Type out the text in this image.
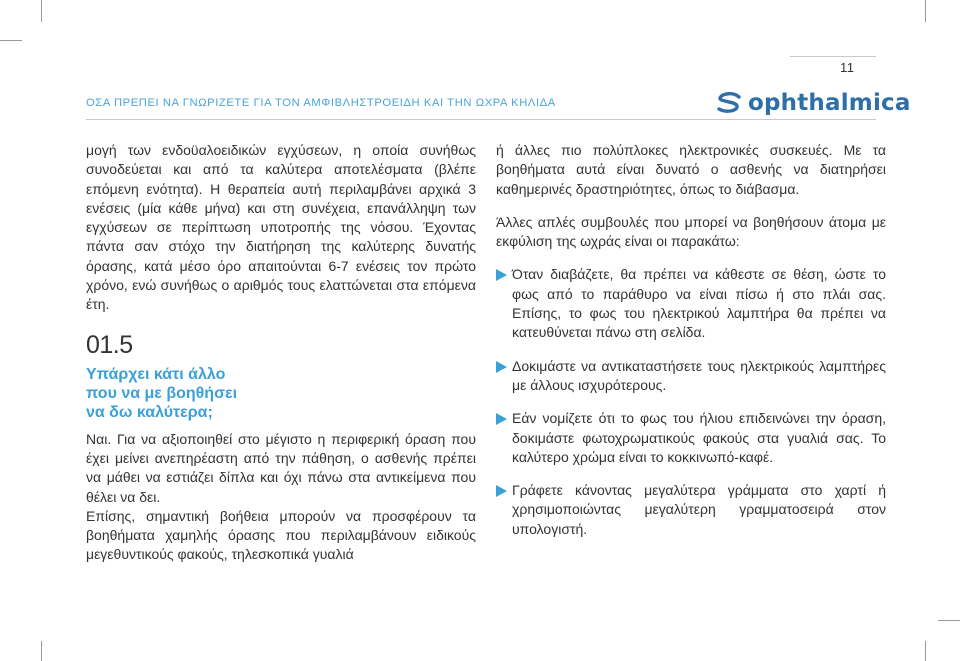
11
ΟΣΑ ΠΡΕΠΕΙ ΝΑ ΓΝΩΡΙΖΕΤΕ ΓΙΑ ΤΟΝ ΑΜΦΙΒΛΗΣΤΡΟΕΙΔΗ ΚΑΙ ΤΗΝ ΩΧΡΑ ΚΗΛΙΔΑ	ophthalmica

μογή των ενδοϋαλοειδικών εγχύσεων, η οποία συνήθως συνοδεύεται και από τα καλύτερα αποτελέσματα (βλέπε επόμενη ενότητα). Η θεραπεία αυτή περιλαμβάνει αρχικά 3 ενέσεις (μία κάθε μήνα) και στη συνέχεια, επανάλληψη των εγχύσεων σε περίπτωση υποτροπής της νόσου. Έχοντας πάντα σαν στόχο την διατήρηση της καλύτερης δυνατής όρασης, κατά μέσο όρο απαιτούνται 6-7 ενέσεις τον πρώτο χρόνο, ενώ συνήθως ο αριθμός τους ελαττώνεται στα επόμενα έτη.

01.5
Υπάρχει κάτι άλλο
που να με βοηθήσει
να δω καλύτερα;

Ναι. Για να αξιοποιηθεί στο μέγιστο η περιφερική όραση που έχει μείνει ανεπηρέαστη από την πάθηση, ο ασθενής πρέπει να μάθει να εστιάζει δίπλα και όχι πάνω στα αντικείμενα που θέλει να δει.

Επίσης, σημαντική βοήθεια μπορούν να προσφέρουν τα βοηθήματα χαμηλής όρασης που περιλαμβάνουν ειδικούς μεγεθυντικούς φακούς, τηλεσκοπικά γυαλιά

ή άλλες πιο πολύπλοκες ηλεκτρονικές συσκευές. Με τα βοηθήματα αυτά είναι δυνατό ο ασθενής να διατηρήσει καθημερινές δραστηριότητες, όπως το διάβασμα.

Άλλες απλές συμβουλές που μπορεί να βοηθήσουν άτομα με εκφύλιση της ωχράς είναι οι παρακάτω:

Όταν διαβάζετε, θα πρέπει να κάθεστε σε θέση, ώστε το φως από το παράθυρο να είναι πίσω ή στο πλάι σας. Επίσης, το φως του ηλεκτρικού λαμπτήρα θα πρέπει να κατευθύνεται πάνω στη σελίδα.

Δοκιμάστε να αντικαταστήσετε τους ηλεκτρικούς λαμπτήρες με άλλους ισχυρότερους.

Εάν νομίζετε ότι το φως του ήλιου επιδεινώνει την όραση, δοκιμάστε φωτοχρωματικούς φακούς στα γυαλιά σας. Το καλύτερο χρώμα είναι το κοκκινωπό-καφέ.

Γράφετε κάνοντας μεγαλύτερα γράμματα στο χαρτί ή χρησιμοποιώντας μεγαλύτερη γραμματοσειρά στον υπολογιστή.
